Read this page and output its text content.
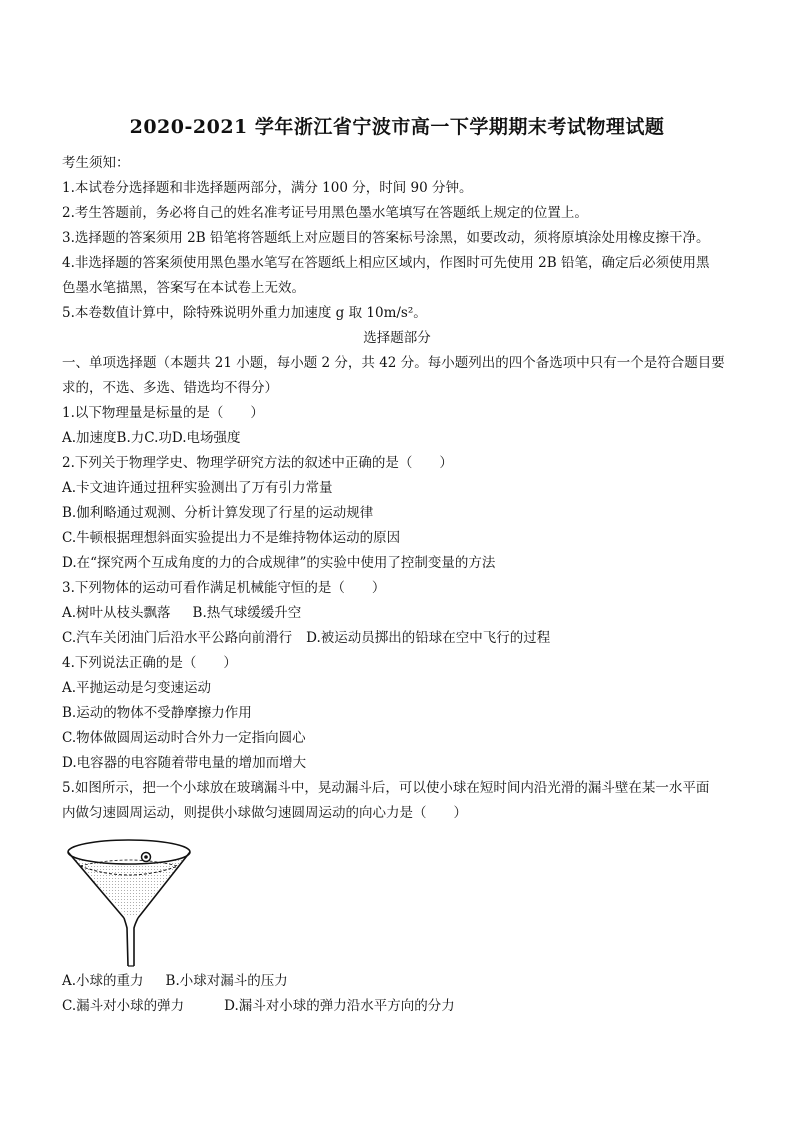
2020-2021 学年浙江省宁波市高一下学期期末考试物理试题
考生须知：
1.本试卷分选择题和非选择题两部分，满分 100 分，时间 90 分钟。
2.考生答题前，务必将自己的姓名准考证号用黑色墨水笔填写在答题纸上规定的位置上。
3.选择题的答案须用 2B 铅笔将答题纸上对应题目的答案标号涂黑，如要改动，须将原填涂处用橡皮擦干净。
4.非选择题的答案须使用黑色墨水笔写在答题纸上相应区域内，作图时可先使用 2B 铅笔，确定后必须使用黑
色墨水笔描黑，答案写在本试卷上无效。
5.本卷数值计算中，除特殊说明外重力加速度 g 取 10m/s²。
选择题部分
一、单项选择题（本题共 21 小题，每小题 2 分，共 42 分。每小题列出的四个备选项中只有一个是符合题目要
求的，不选、多选、错选均不得分）
1.以下物理量是标量的是（　　）
A.加速度B.力C.功D.电场强度
2.下列关于物理学史、物理学研究方法的叙述中正确的是（　　）
A.卡文迪许通过扭秤实验测出了万有引力常量
B.伽利略通过观测、分析计算发现了行星的运动规律
C.牛顿根据理想斜面实验提出力不是维持物体运动的原因
D.在“探究两个互成角度的力的合成规律”的实验中使用了控制变量的方法
3.下列物体的运动可看作满足机械能守恒的是（　　）
A.树叶从枝头飘落 B.热气球缓缓升空
C.汽车关闭油门后沿水平公路向前滑行 D.被运动员掷出的铅球在空中飞行的过程
4.下列说法正确的是（　　）
A.平抛运动是匀变速运动
B.运动的物体不受静摩擦力作用
C.物体做圆周运动时合外力一定指向圆心
D.电容器的电容随着带电量的增加而增大
5.如图所示，把一个小球放在玻璃漏斗中，晃动漏斗后，可以使小球在短时间内沿光滑的漏斗壁在某一水平面
内做匀速圆周运动，则提供小球做匀速圆周运动的向心力是（　　）
A.小球的重力 B.小球对漏斗的压力
C.漏斗对小球的弹力	D.漏斗对小球的弹力沿水平方向的分力
